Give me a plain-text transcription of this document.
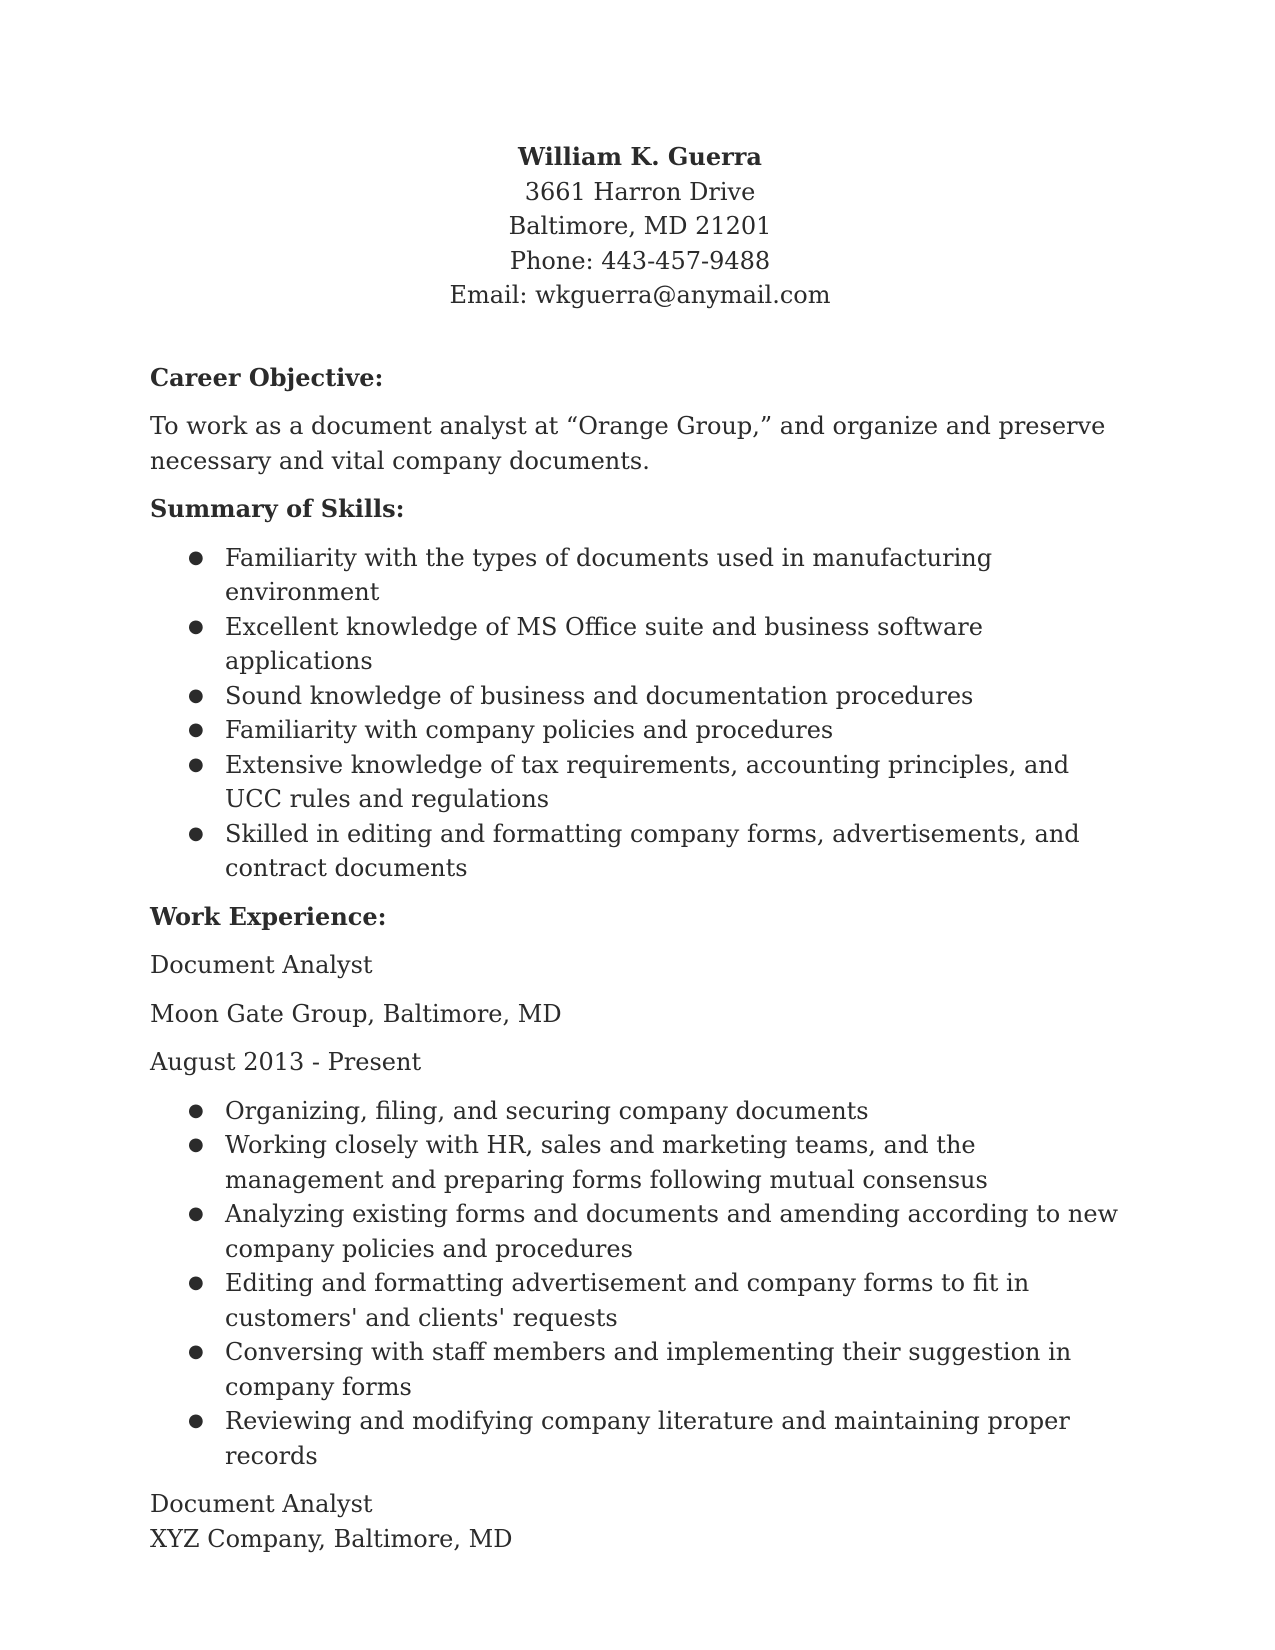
William K. Guerra
3661 Harron Drive
Baltimore, MD 21201
Phone: 443-457-9488
Email: wkguerra@anymail.com
Career Objective:

To work as a document analyst at “Orange Group,” and organize and preserve necessary and vital company documents.

Summary of Skills:
● Familiarity with the types of documents used in manufacturing environment
● Excellent knowledge of MS Office suite and business software applications
● Sound knowledge of business and documentation procedures
● Familiarity with company policies and procedures
● Extensive knowledge of tax requirements, accounting principles, and UCC rules and regulations
● Skilled in editing and formatting company forms, advertisements, and contract documents
Work Experience:

Document Analyst

Moon Gate Group, Baltimore, MD

August 2013 - Present

● Organizing, filing, and securing company documents
● Working closely with HR, sales and marketing teams, and the management and preparing forms following mutual consensus
● Analyzing existing forms and documents and amending according to new company policies and procedures
● Editing and formatting advertisement and company forms to fit in customers' and clients' requests
● Conversing with staff members and implementing their suggestion in company forms
● Reviewing and modifying company literature and maintaining proper records

Document Analyst

XYZ Company, Baltimore, MD
